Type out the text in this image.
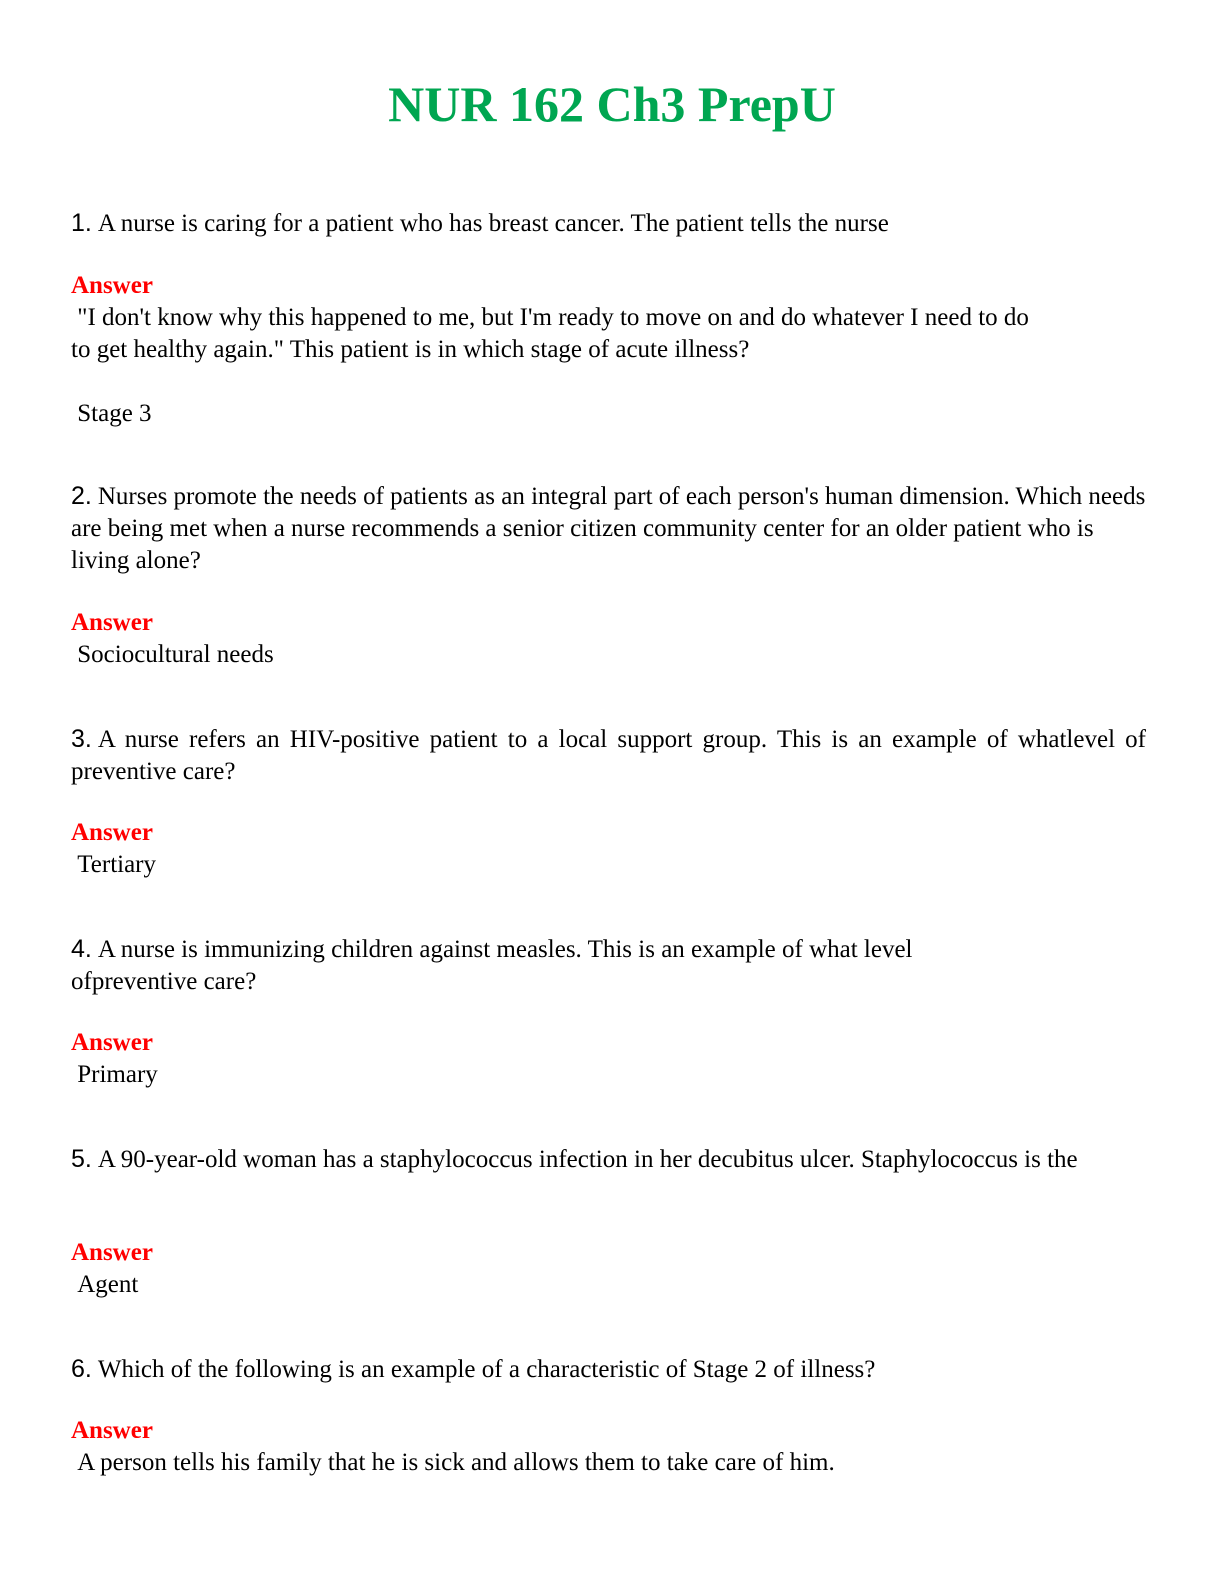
NUR 162 Ch3 PrepU
1. A nurse is caring for a patient who has breast cancer. The patient tells the nurse
Answer
"I don't know why this happened to me, but I'm ready to move on and do whatever I need to do
to get healthy again." This patient is in which stage of acute illness?
Stage 3
2. Nurses promote the needs of patients as an integral part of each person's human dimension. Which needs are being met when a nurse recommends a senior citizen community center for an older patient who is living alone?
Answer
Sociocultural needs
3. A nurse refers an HIV-positive patient to a local support group. This is an example of whatlevel of preventive care?
Answer
Tertiary
4. A nurse is immunizing children against measles. This is an example of what level
ofpreventive care?
Answer
Primary
5. A 90-year-old woman has a staphylococcus infection in her decubitus ulcer. Staphylococcus is the
Answer
Agent
6. Which of the following is an example of a characteristic of Stage 2 of illness?
Answer
A person tells his family that he is sick and allows them to take care of him.
